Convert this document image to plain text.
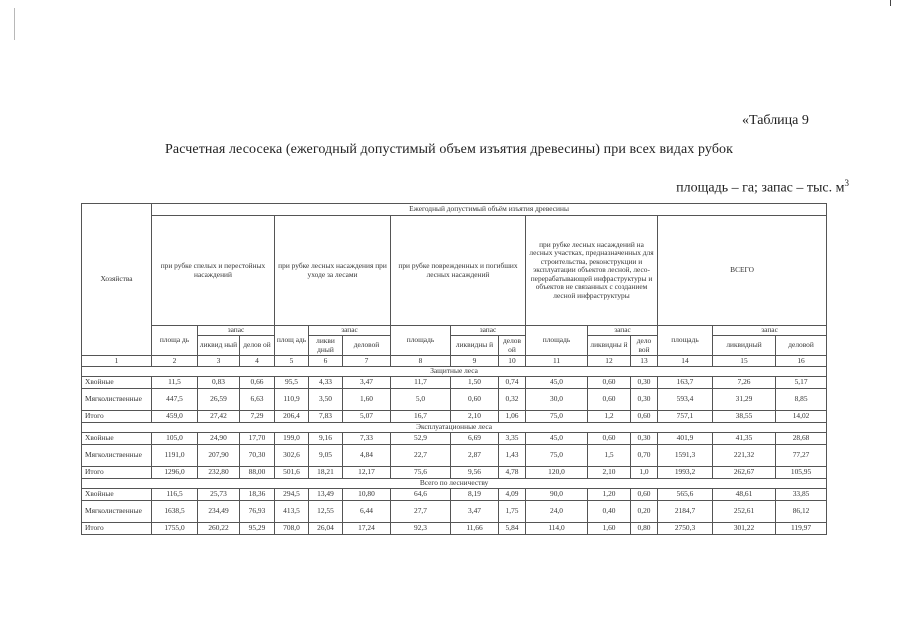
«Таблица 9
Расчетная лесосека (ежегодный допустимый объем изъятия древесины) при всех видах рубок
площадь – га; запас – тыс. $м^3$
Хозяйства	Ежегодный допустимый объём изъятия древесины														
	при рубке спелых и перестойных насаждений			при рубке лесных насаждения при уходе за лесами			при рубке поврежденных и погибших лесных насаждений			при рубке лесных насаждений на лесных участках, предназначенных для строительства, реконструкции и эксплуатации объектов лесной, лесо-перерабатывающей инфраструктуры и объектов не связанных с созданием лесной инфраструктуры			ВСЕГО		
	площа дь	запас		площ адь	запас		площадь	запас		площадь	запас		площадь	запас	
		ликвид ный	делов ой		ликви дный	деловой		ликвидны й	делов ой		ликвидны й	дело вой		ликвидный	деловой
1	2	3	4	5	6	7	8	9	10	11	12	13	14	15	16
Защитные леса															
Хвойные	11,5	0,83	0,66	95,5	4,33	3,47	11,7	1,50	0,74	45,0	0,60	0,30	163,7	7,26	5,17
Мягколиственные	447,5	26,59	6,63	110,9	3,50	1,60	5,0	0,60	0,32	30,0	0,60	0,30	593,4	31,29	8,85
Итого	459,0	27,42	7,29	206,4	7,83	5,07	16,7	2,10	1,06	75,0	1,2	0,60	757,1	38,55	14,02
Эксплуатационные леса															
Хвойные	105,0	24,90	17,70	199,0	9,16	7,33	52,9	6,69	3,35	45,0	0,60	0,30	401,9	41,35	28,68
Мягколиственные	1191,0	207,90	70,30	302,6	9,05	4,84	22,7	2,87	1,43	75,0	1,5	0,70	1591,3	221,32	77,27
Итого	1296,0	232,80	88,00	501,6	18,21	12,17	75,6	9,56	4,78	120,0	2,10	1,0	1993,2	262,67	105,95
Всего по лесничеству															
Хвойные	116,5	25,73	18,36	294,5	13,49	10,80	64,6	8,19	4,09	90,0	1,20	0,60	565,6	48,61	33,85
Мягколиственные	1638,5	234,49	76,93	413,5	12,55	6,44	27,7	3,47	1,75	24,0	0,40	0,20	2184,7	252,61	86,12
Итого	1755,0	260,22	95,29	708,0	26,04	17,24	92,3	11,66	5,84	114,0	1,60	0,80	2750,3	301,22	119,97
